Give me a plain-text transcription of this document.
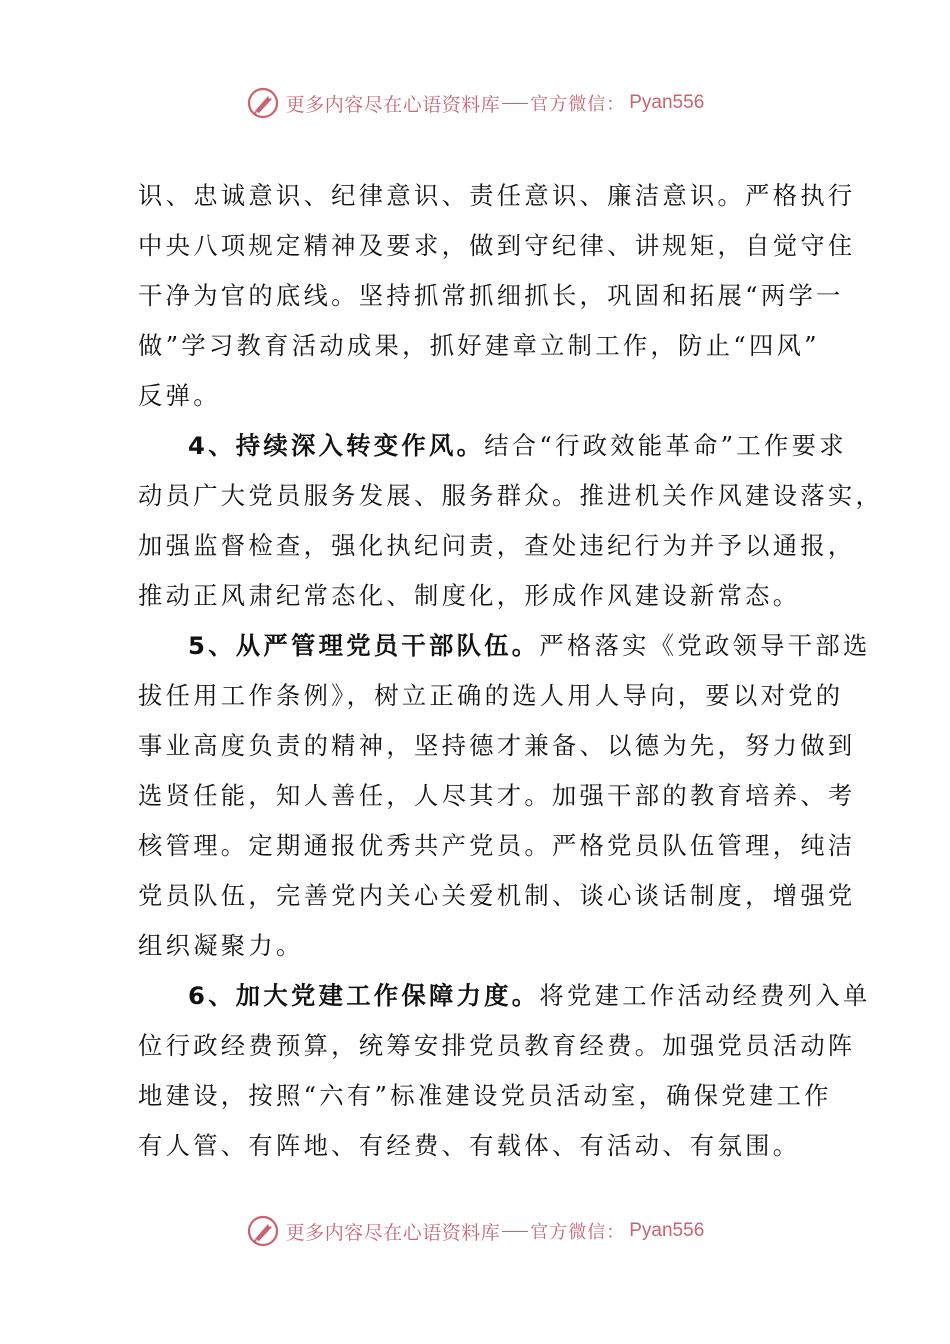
更多内容尽在心语资料库 官方微信： Pyan556
识、忠诚意识、纪律意识、责任意识、廉洁意识。严格执行
中央八项规定精神及要求，做到守纪律、讲规矩，自觉守住
干净为官的底线。坚持抓常抓细抓长，巩固和拓展“两学一
做”学习教育活动成果，抓好建章立制工作，防止“四风”
反弹。
4、持续深入转变作风。结合“行政效能革命”工作要求
动员广大党员服务发展、服务群众。推进机关作风建设落实，
加强监督检查，强化执纪问责，查处违纪行为并予以通报，
推动正风肃纪常态化、制度化，形成作风建设新常态。
5、从严管理党员干部队伍。严格落实《党政领导干部选
拔任用工作条例》，树立正确的选人用人导向，要以对党的
事业高度负责的精神，坚持德才兼备、以德为先，努力做到
选贤任能，知人善任，人尽其才。加强干部的教育培养、考
核管理。定期通报优秀共产党员。严格党员队伍管理，纯洁
党员队伍，完善党内关心关爱机制、谈心谈话制度，增强党
组织凝聚力。
6、加大党建工作保障力度。将党建工作活动经费列入单
位行政经费预算，统筹安排党员教育经费。加强党员活动阵
地建设，按照“六有”标准建设党员活动室，确保党建工作
有人管、有阵地、有经费、有载体、有活动、有氛围。
更多内容尽在心语资料库 官方微信： Pyan556
